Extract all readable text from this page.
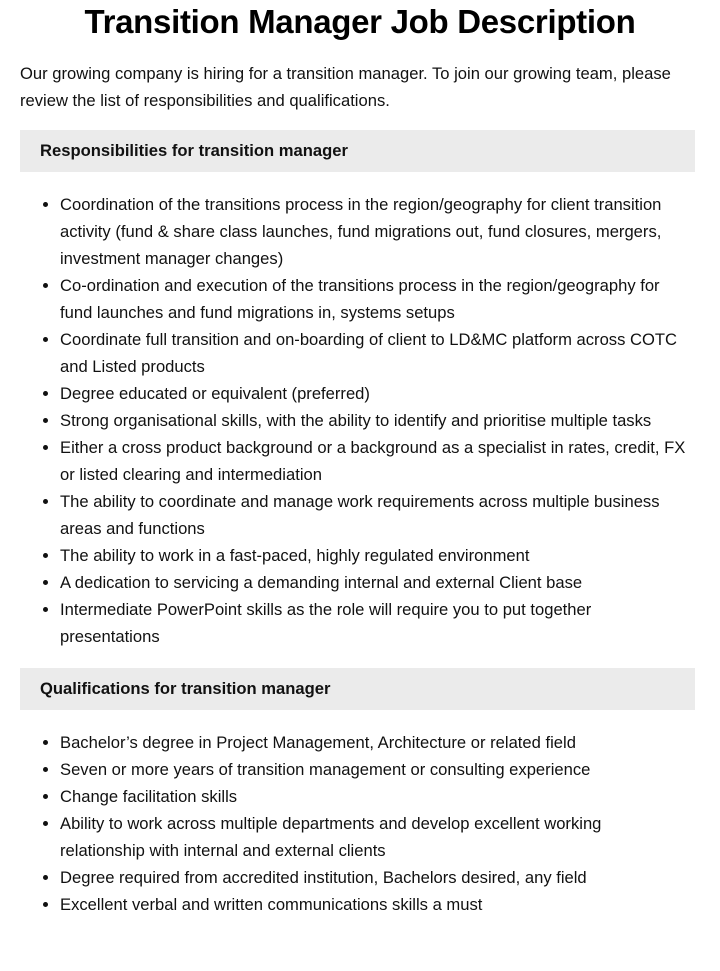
Transition Manager Job Description

Our growing company is hiring for a transition manager. To join our growing team, please review the list of responsibilities and qualifications.

Responsibilities for transition manager
• Coordination of the transitions process in the region/geography for client transition activity (fund & share class launches, fund migrations out, fund closures, mergers, investment manager changes)
• Co-ordination and execution of the transitions process in the region/geography for fund launches and fund migrations in, systems setups
• Coordinate full transition and on-boarding of client to LD&MC platform across COTC and Listed products
• Degree educated or equivalent (preferred)
• Strong organisational skills, with the ability to identify and prioritise multiple tasks
• Either a cross product background or a background as a specialist in rates, credit, FX or listed clearing and intermediation
• The ability to coordinate and manage work requirements across multiple business areas and functions
• The ability to work in a fast-paced, highly regulated environment
• A dedication to servicing a demanding internal and external Client base
• Intermediate PowerPoint skills as the role will require you to put together presentations
Qualifications for transition manager
• Bachelor’s degree in Project Management, Architecture or related field
• Seven or more years of transition management or consulting experience
• Change facilitation skills
• Ability to work across multiple departments and develop excellent working relationship with internal and external clients
• Degree required from accredited institution, Bachelors desired, any field
• Excellent verbal and written communications skills a must
